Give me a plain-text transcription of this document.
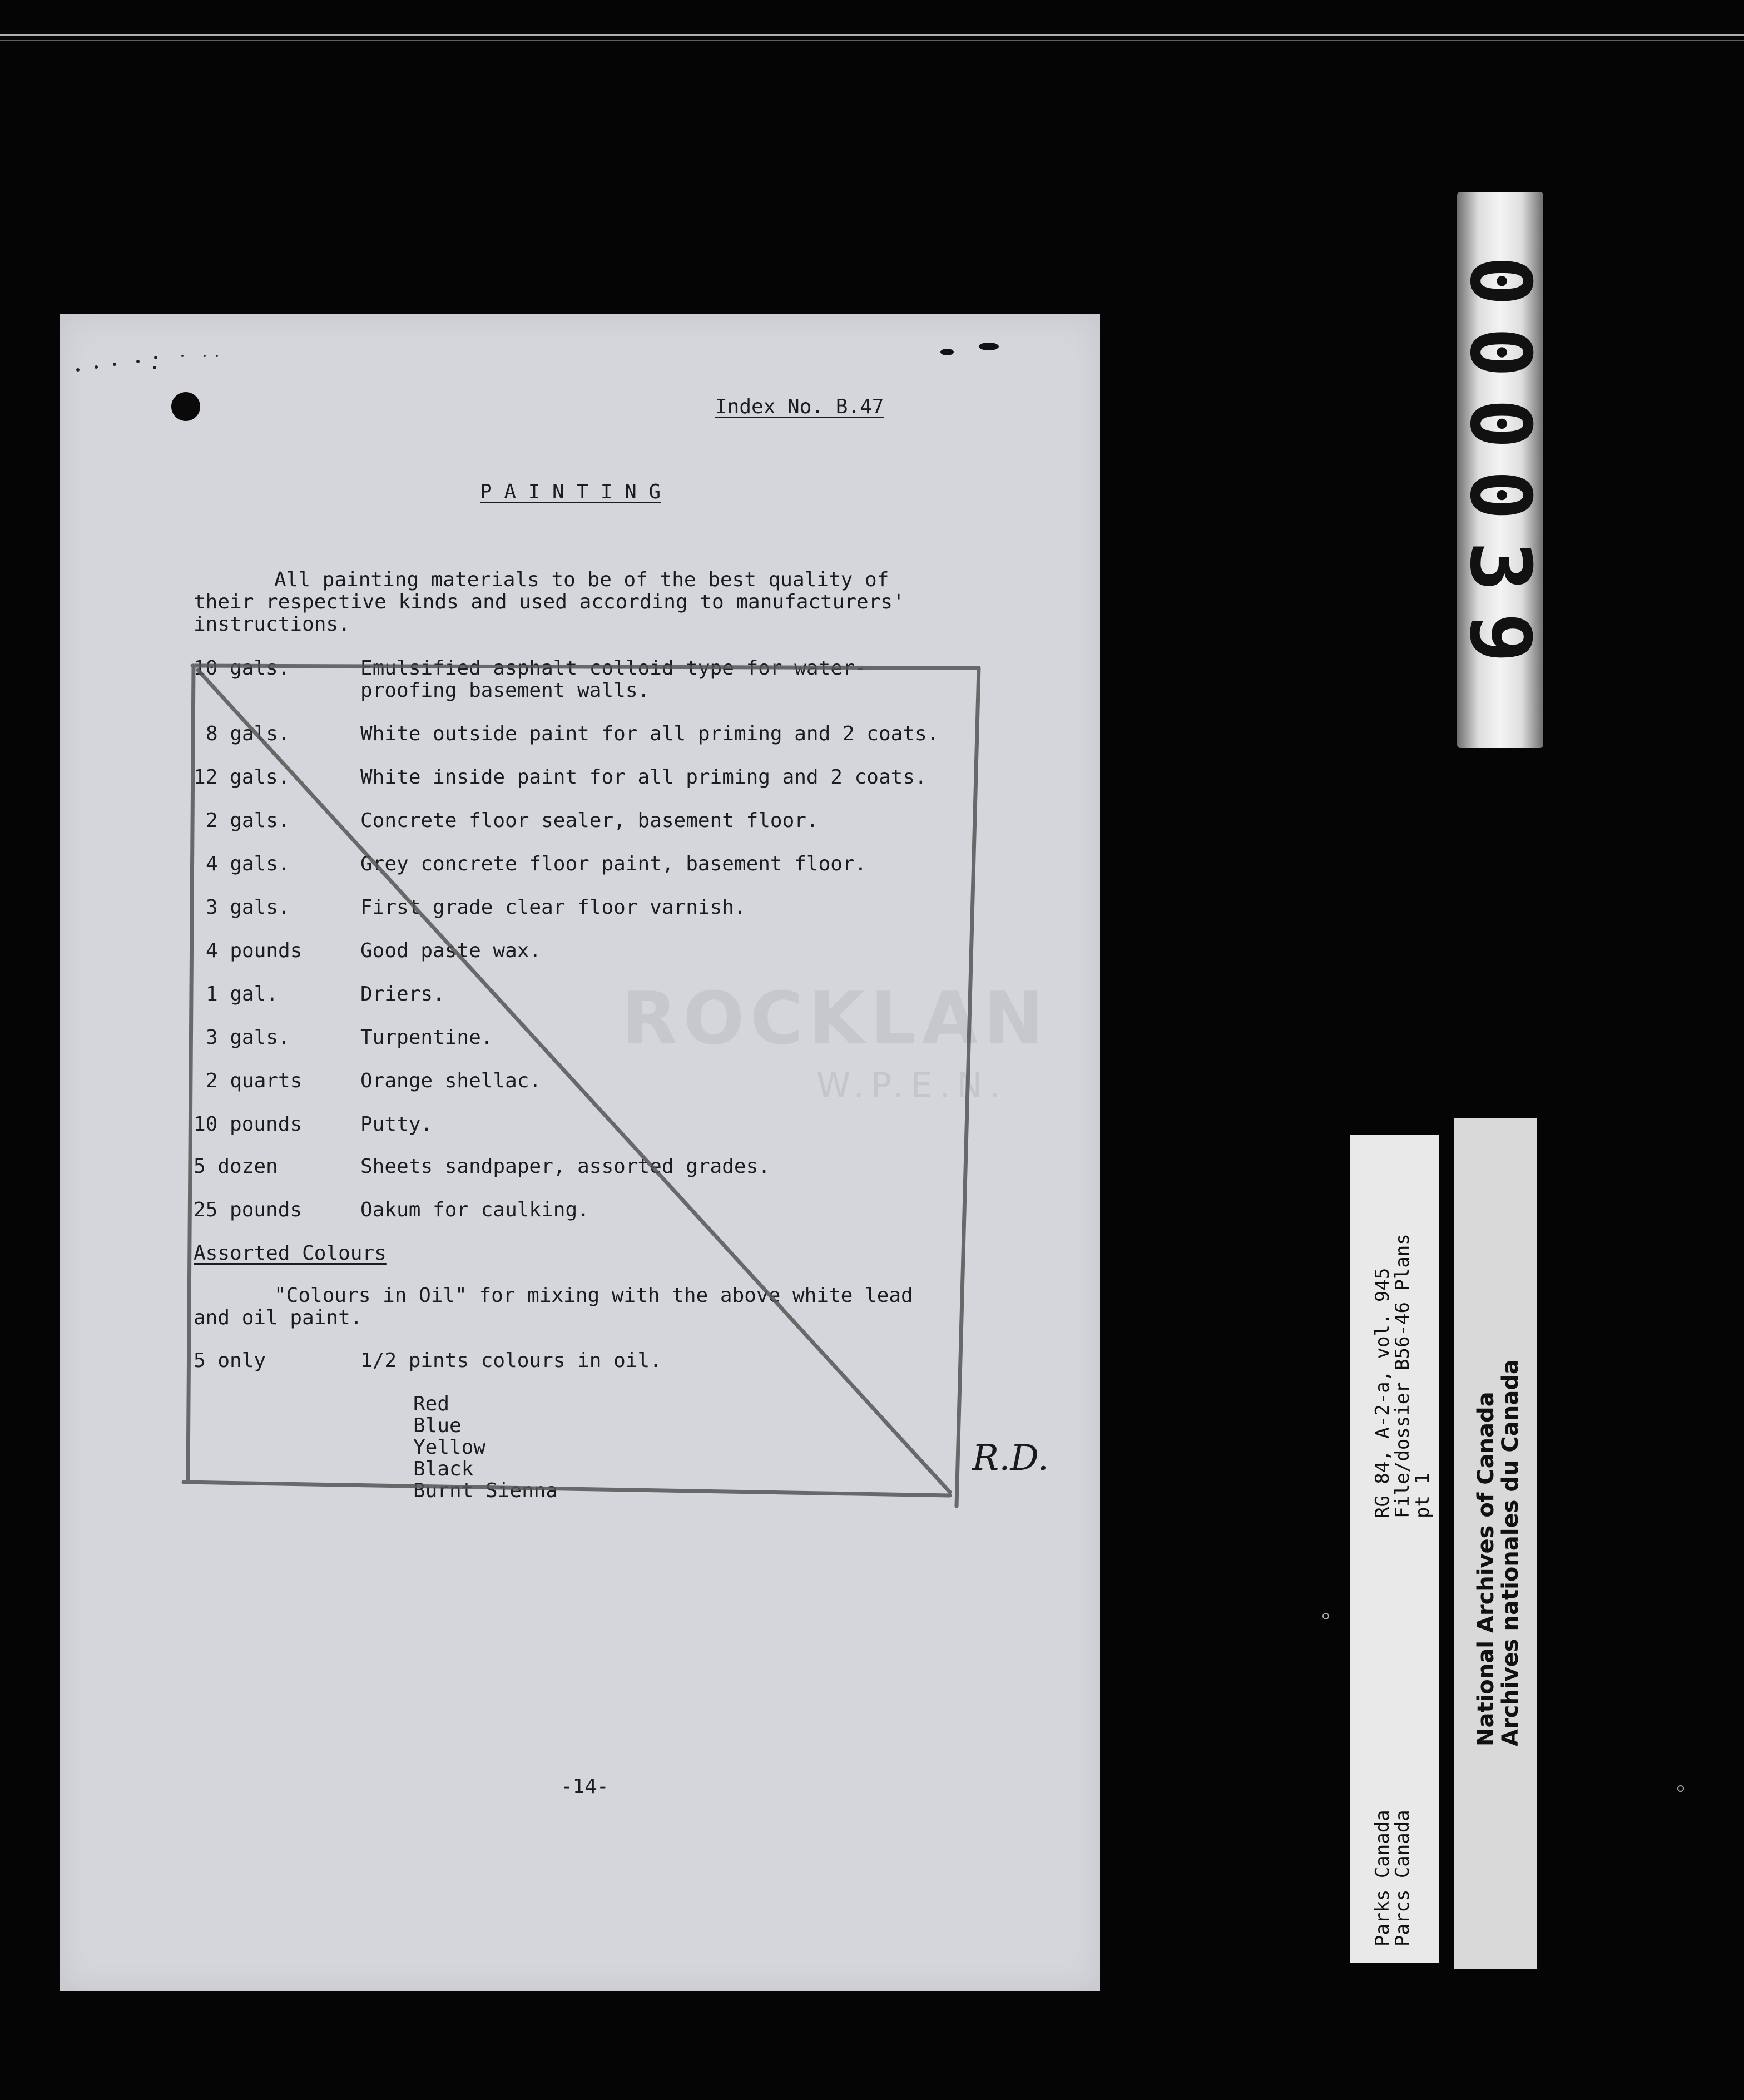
ROCKLAN
W.P.E.N.
Index No. B.47
P A I N T I N G
All painting materials to be of the best quality of
their respective kinds and used according to manufacturers'
instructions.
10 gals.	Emulsified asphalt colloid type for water-
proofing basement walls.
8 gals.	White outside paint for all priming and 2 coats.
12 gals.	White inside paint for all priming and 2 coats.
2 gals.	Concrete floor sealer, basement floor.
4 gals.	Grey concrete floor paint, basement floor.
3 gals.	First grade clear floor varnish.
4 pounds	Good paste wax.
1 gal.	Driers.
3 gals.	Turpentine.
2 quarts	Orange shellac.
10 pounds	Putty.
5 dozen	Sheets sandpaper, assorted grades.
25 pounds	Oakum for caulking.
Assorted Colours
"Colours in Oil" for mixing with the above white lead
and oil paint.
5 only	1/2 pints colours in oil.
Red
Blue
Yellow
Black
Burnt Sienna
-14-
R.D.
000039
Parks Canada
Parcs Canada
RG 84, A-2-a, vol. 945
File/dossier B56-46 Plans
pt 1 National Archives of Canada
Archives nationales du Canada
